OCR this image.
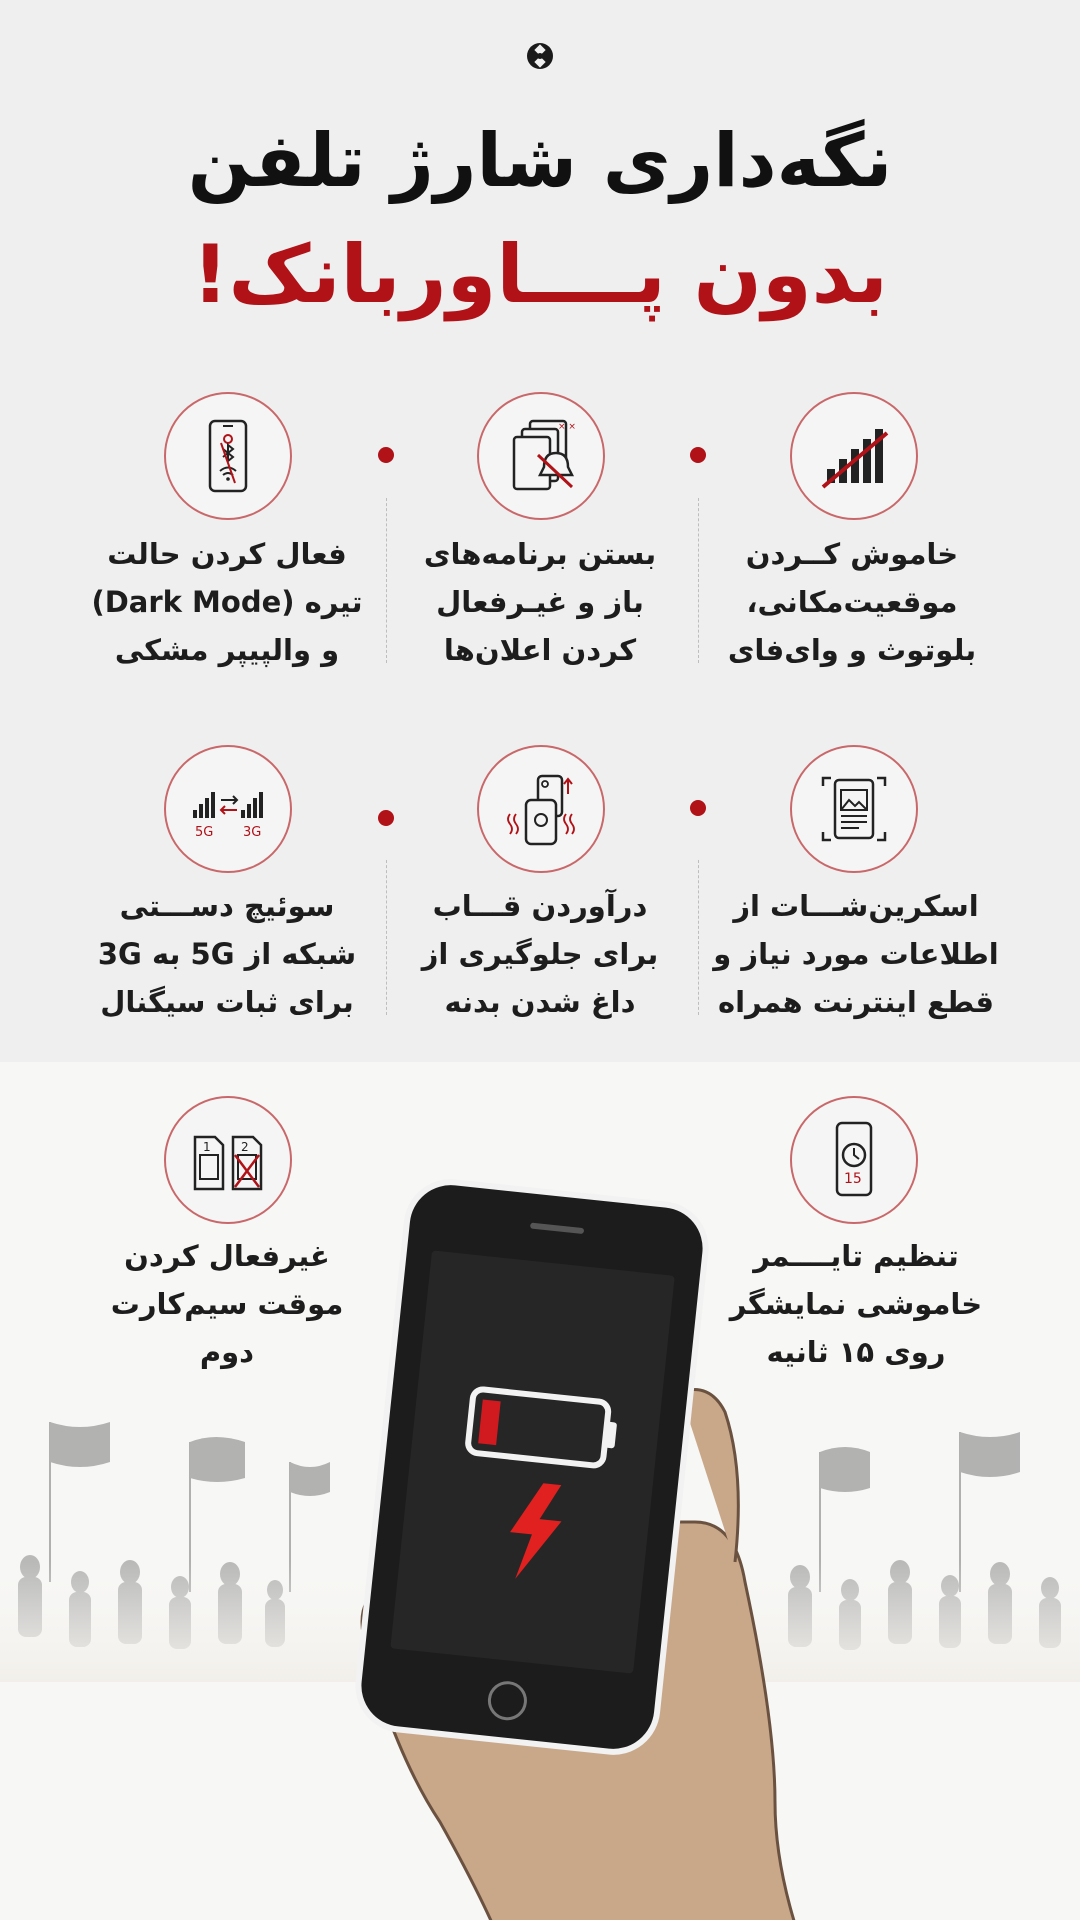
نگه‌داری شارژ تلفن
بدون پــــاوربانک!
خاموش کــردن
موقعیت‌مکانی،
بلوتوث و وای‌فای
× ×
بستن برنامه‌های
باز و غیـرفعال
کردن اعلان‌ها
فعال کردن حالت
تیره (Dark Mode)
و والپیپر مشکی
اسکرین‌شـــات از
اطلاعات مورد نیاز و
قطع اینترنت همراه
درآوردن قـــاب
برای جلوگیری از
داغ شدن بدنه
5G 3G
سوئیچ دســـتی
شبکه از 5G به 3G
برای ثبات سیگنال
15
تنظیم تایــــمر
خاموشی نمایشگر
روی ۱۵ ثانیه
1	2
غیرفعال کردن
موقت سیم‌کارت
دوم
